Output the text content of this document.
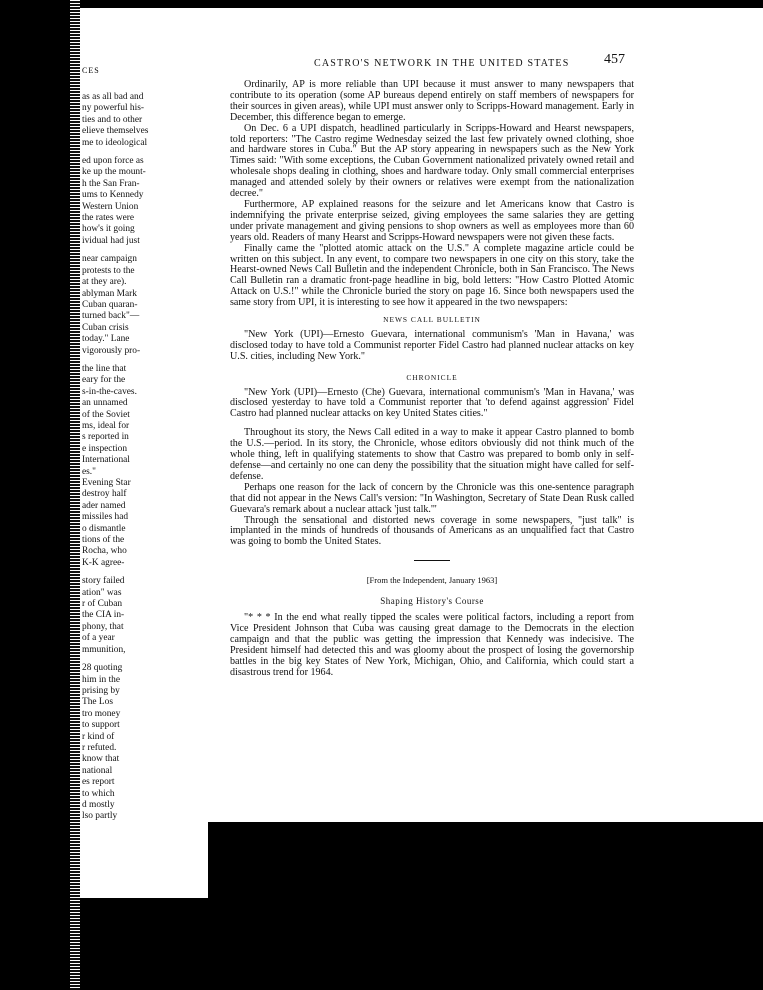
CES
as as all bad and
ny powerful his-
ties and to other
elieve themselves
me to ideological
ed upon force as
ke up the mount-
h the San Fran-
ums to Kennedy
Western Union
the rates were
how's it going
ividual had just
near campaign
protests to the
at they are).
ablyman Mark
Cuban quaran-
turned back"—
Cuban crisis
today." Lane
vigorously pro-
the line that
eary for the
s-in-the-caves.
an unnamed
of the Soviet
ms, ideal for
s reported in
e inspection
International
es."
Evening Star
destroy half
ader named
missiles had
o dismantle
tions of the
Rocha, who
K-K agree-
story failed
ation" was
r of Cuban
the CIA in-
phony, that
of a year
mmunition,
28 quoting
him in the
prising by
The Los
tro money
to support
r kind of
r refuted.
know that
national
es report
to which
d mostly
lso partly
CASTRO'S NETWORK IN THE UNITED STATES 457

Ordinarily, AP is more reliable than UPI because it must answer to many newspapers that contribute to its operation (some AP bureaus depend entirely on staff members of newspapers for their sources in given areas), while UPI must answer only to Scripps-Howard management. Early in December, this difference began to emerge.

On Dec. 6 a UPI dispatch, headlined particularly in Scripps-Howard and Hearst newspapers, told reporters: "The Castro regime Wednesday seized the last few privately owned clothing, shoe and hardware stores in Cuba." But the AP story appearing in newspapers such as the New York Times said: "With some exceptions, the Cuban Government nationalized privately owned retail and wholesale shops dealing in clothing, shoes and hardware today. Only small commercial enterprises managed and attended solely by their owners or relatives were exempt from the nationalization decree."

Furthermore, AP explained reasons for the seizure and let Americans know that Castro is indemnifying the private enterprise seized, giving employees the same salaries they are getting under private management and giving pensions to shop owners as well as employees more than 60 years old. Readers of many Hearst and Scripps-Howard newspapers were not given these facts.

Finally came the "plotted atomic attack on the U.S." A complete magazine article could be written on this subject. In any event, to compare two newspapers in one city on this story, take the Hearst-owned News Call Bulletin and the independent Chronicle, both in San Francisco. The News Call Bulletin ran a dramatic front-page headline in big, bold letters: "How Castro Plotted Atomic Attack on U.S.!" while the Chronicle buried the story on page 16. Since both newspapers used the same story from UPI, it is interesting to see how it appeared in the two newspapers:

NEWS CALL BULLETIN

"New York (UPI)—Ernesto Guevara, international communism's 'Man in Havana,' was disclosed today to have told a Communist reporter Fidel Castro had planned nuclear attacks on key U.S. cities, including New York."

CHRONICLE

"New York (UPI)—Ernesto (Che) Guevara, international communism's 'Man in Havana,' was disclosed yesterday to have told a Communist reporter that 'to defend against aggression' Fidel Castro had planned nuclear attacks on key United States cities."

Throughout its story, the News Call edited in a way to make it appear Castro planned to bomb the U.S.—period. In its story, the Chronicle, whose editors obviously did not think much of the whole thing, left in qualifying statements to show that Castro was prepared to bomb only in self-defense—and certainly no one can deny the possibility that the situation might have called for self-defense.

Perhaps one reason for the lack of concern by the Chronicle was this one-sentence paragraph that did not appear in the News Call's version: "In Washington, Secretary of State Dean Rusk called Guevara's remark about a nuclear attack 'just talk.'"

Through the sensational and distorted news coverage in some newspapers, "just talk" is implanted in the minds of hundreds of thousands of Americans as an unqualified fact that Castro was going to bomb the United States.

[From the Independent, January 1963]
Shaping History's Course

"* * * In the end what really tipped the scales were political factors, including a report from Vice President Johnson that Cuba was causing great damage to the Democrats in the election campaign and that the public was getting the impression that Kennedy was indecisive. The President himself had detected this and was gloomy about the prospect of losing the governorship battles in the big key States of New York, Michigan, Ohio, and California, which could start a disastrous trend for 1964.
